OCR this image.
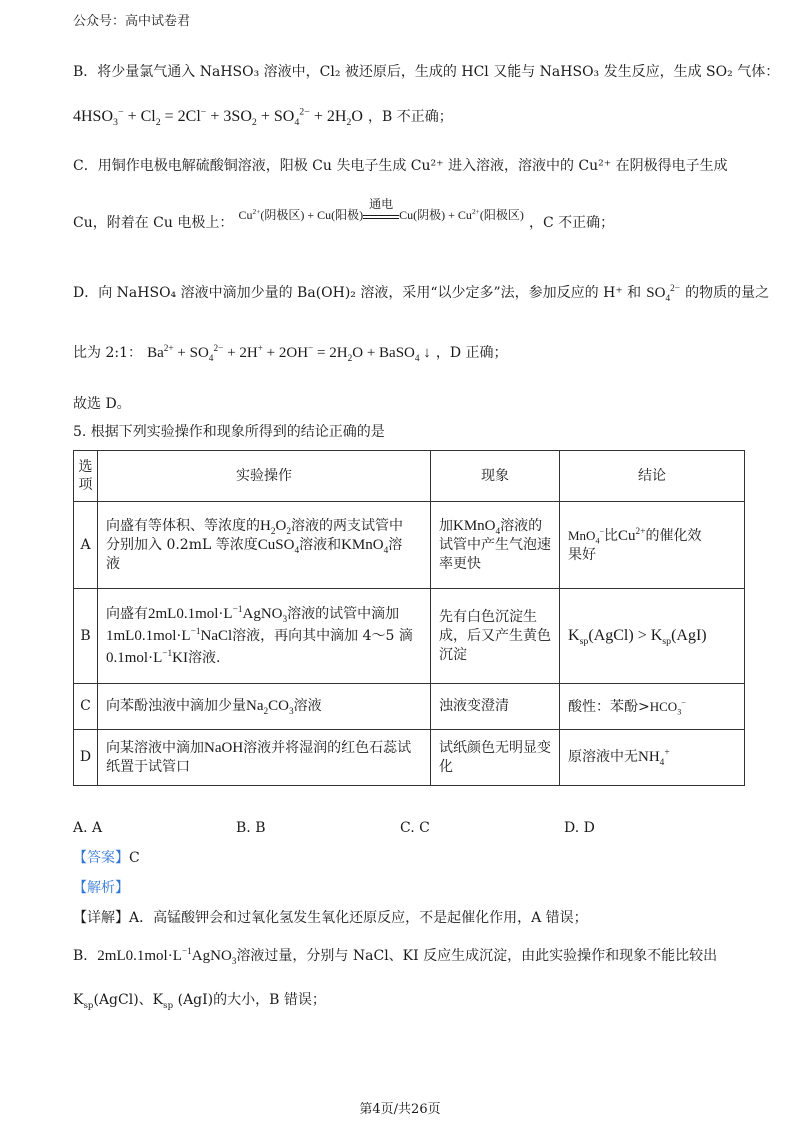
公众号：高中试卷君
B．将少量氯气通入 NaHSO₃ 溶液中，Cl₂ 被还原后，生成的 HCl 又能与 NaHSO₃ 发生反应，生成 SO₂ 气体：
$4HSO_3^- + Cl_2 = 2Cl^- + 3SO_2 + SO_4^{2-} + 2H_2O$ ，B 不正确；
C．用铜作电极电解硫酸铜溶液，阳极 Cu 失电子生成 Cu²⁺ 进入溶液，溶液中的 Cu²⁺ 在阴极得电子生成
Cu，附着在 Cu 电极上： $^{Cu^{2+}(阴极区) + Cu(阳极)}$
通电
$^{Cu(阴极) + Cu^{2+}(阳极区)}$ ，C 不正确；
D．向 NaHSO₄ 溶液中滴加少量的 Ba(OH)₂ 溶液，采用“以少定多”法，参加反应的 H⁺ 和 $SO_4^{2-}$ 的物质的量之
比为 2:1： $Ba^{2+} + SO_4^{2-} + 2H^+ + 2OH^- = 2H_2O$ + BaSO$_4$ ↓ ，D 正确；
故选 D。
5. 根据下列实验操作和现象所得到的结论正确的是
选项	实验操作	现象	结论
A	向盛有等体积、等浓度的$H_2O_2$溶液的两支试管中
分别加入 0.2mL 等浓度CuSO$_4$溶液和KMnO$_4$溶
液	加KMnO$_4$溶液的
试管中产生气泡速
率更快	MnO$_4$−比$Cu^{2+}$的催化效
果好
B	向盛有$2mL0.1mol\cdot L^{-1}AgNO_3$溶液的试管中滴加
$1mL0.1mol\cdot L^{-1}NaCl$溶液，再向其中滴加 4～5 滴
$0.1mol\cdot L^{-1}KI$溶液.	先有白色沉淀生
成，后又产生黄色
沉淀	$K_{sp}(AgCl) > K_{sp}(AgI)$
C	向苯酚浊液中滴加少量$Na_2CO_3$溶液	浊液变澄清	酸性：苯酚$>HCO_3^-$
D	向某溶液中滴加NaOH溶液并将湿润的红色石蕊试
纸置于试管口	试纸颜色无明显变
化	原溶液中无$NH_4^+$
A. A	B. B	C. C	D. D
【答案】C
【解析】
【详解】A．高锰酸钾会和过氧化氢发生氧化还原反应，不是起催化作用，A 错误；
B．$2mL0.1mol\cdot L^{-1}AgNO_3$溶液过量，分别与 NaCl、KI 反应生成沉淀，由此实验操作和现象不能比较出
$K_{sp}(AgCl)$、$K_{sp}$ (AgI)的大小，B 错误；
第4页/共26页
